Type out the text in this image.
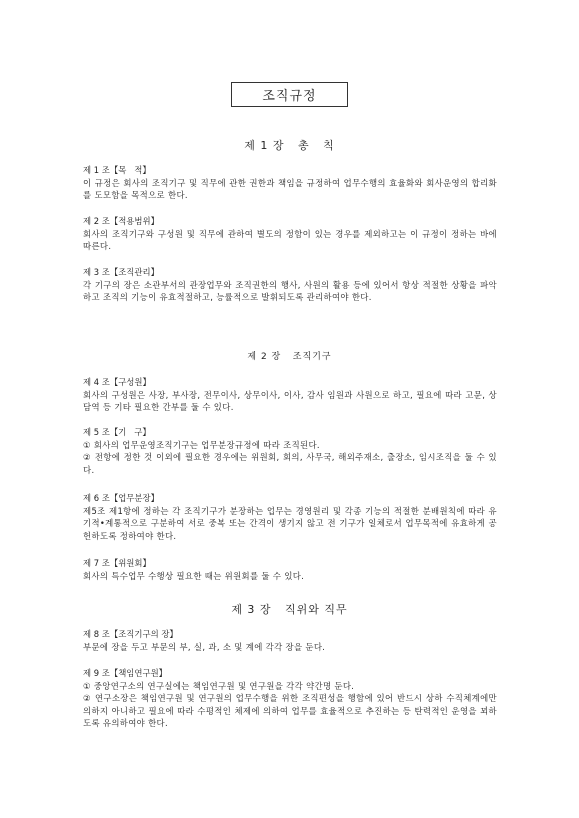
조직규정
제 1 장   총   칙
제 1 조【목   적】

이 규정은 회사의 조직기구 및 직무에 관한 권한과 책임을 규정하여 업무수행의 효율화와 회사운영의 합리화를 도모함을 목적으로 한다.

제 2 조【적용범위】

회사의 조직기구와 구성원 및 직무에 관하여 별도의 정함이 있는 경우를 제외하고는 이 규정이 정하는 바에 따른다.

제 3 조【조직관리】

각 기구의 장은 소관부서의 관장업무와 조직권한의 행사, 사원의 활용 등에 있어서 항상 적절한 상황을 파악하고 조직의 기능이 유효적절하고, 능률적으로 발휘되도록 관리하여야 한다.

제 2 장   조직기구
제 4 조【구성원】

회사의 구성원은 사장, 부사장, 전무이사, 상무이사, 이사, 감사 임원과 사원으로 하고, 필요에 따라 고문, 상담역 등 기타 필요한 간부를 둘 수 있다.

제 5 조【기   구】

① 회사의 업무운영조직기구는 업무분장규정에 따라 조직된다.

② 전항에 정한 것 이외에 필요한 경우에는 위원회, 회의, 사무국, 해외주재소, 출장소, 임시조직을 둘 수 있다.

제 6 조【업무분장】

제5조 제1항에 정하는 각 조직기구가 분장하는 업무는 경영원리 및 각종 기능의 적절한 분배원칙에 따라 유기적•계통적으로 구분하여 서로 중복 또는 간격이 생기지 않고 전 기구가 일체로서 업무목적에 유효하게 공헌하도록 정하여야 한다.

제 7 조【위원회】

회사의 특수업무 수행상 필요한 때는 위원회를 둘 수 있다.

제 3 장   직위와 직무
제 8 조【조직기구의 장】

부문에 장을 두고 부문의 부, 실, 과, 소 및 계에 각각 장을 둔다.

제 9 조【책임연구원】

① 중앙연구소의 연구실에는 책임연구원 및 연구원을 각각 약간명 둔다.

② 연구소장은 책임연구원 및 연구원의 업무수행을 위한 조직편성을 행함에 있어 반드시 상하 수직체계에만 의하지 아니하고 필요에 따라 수평적인 체제에 의하여 업무를 효율적으로 추진하는 등 탄력적인 운영을 꾀하도록 유의하여야 한다.
